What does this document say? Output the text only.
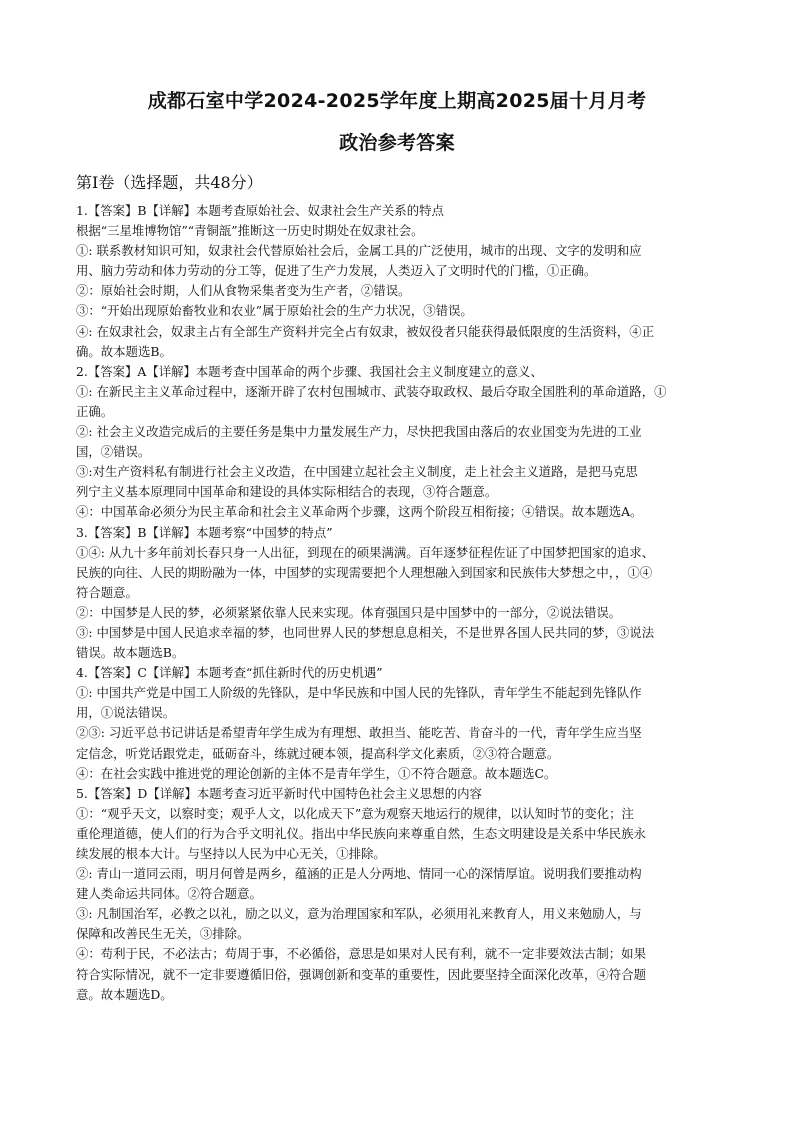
成都石室中学2024-2025学年度上期高2025届十月月考
政治参考答案
第Ⅰ卷（选择题，共48分）
1.【答案】B【详解】本题考查原始社会、奴隶社会生产关系的特点
根据“三星堆博物馆”“青铜瓿”推断这一历史时期处在奴隶社会。
①: 联系教材知识可知，奴隶社会代替原始社会后，金属工具的广泛使用，城市的出现、文字的发明和应
用、脑力劳动和体力劳动的分工等，促进了生产力发展，人类迈入了文明时代的门槛，①正确。
②：原始社会时期，人们从食物采集者变为生产者，②错误。
③：“开始出现原始畜牧业和农业”属于原始社会的生产力状况，③错误。
④: 在奴隶社会，奴隶主占有全部生产资料并完全占有奴隶，被奴役者只能获得最低限度的生活资料，④正
确。故本题选B。
2.【答案】A【详解】本题考查中国革命的两个步骤、我国社会主义制度建立的意义、
①: 在新民主主义革命过程中，逐渐开辟了农村包围城市、武装夺取政权、最后夺取全国胜利的革命道路，①
正确。
②: 社会主义改造完成后的主要任务是集中力量发展生产力，尽快把我国由落后的农业国变为先进的工业
国，②错误。
③:对生产资料私有制进行社会主义改造，在中国建立起社会主义制度，走上社会主义道路，是把马克思
列宁主义基本原理同中国革命和建设的具体实际相结合的表现，③符合题意。
④：中国革命必须分为民主革命和社会主义革命两个步骤，这两个阶段互相衔接；④错误。故本题选A。
3.【答案】B【详解】本题考察“中国梦的特点”
①④: 从九十多年前刘长春只身一人出征，到现在的硕果满满。百年逐梦征程佐证了中国梦把国家的追求、
民族的向往、人民的期盼融为一体，中国梦的实现需要把个人理想融入到国家和民族伟大梦想之中，，①④
符合题意。
②：中国梦是人民的梦，必须紧紧依靠人民来实现。体育强国只是中国梦中的一部分，②说法错误。
③: 中国梦是中国人民追求幸福的梦，也同世界人民的梦想息息相关，不是世界各国人民共同的梦，③说法
错误。故本题选B。
4.【答案】C【详解】本题考查“抓住新时代的历史机遇”
①: 中国共产党是中国工人阶级的先锋队，是中华民族和中国人民的先锋队，青年学生不能起到先锋队作
用，①说法错误。
②③: 习近平总书记讲话是希望青年学生成为有理想、敢担当、能吃苦、肯奋斗的一代，青年学生应当坚
定信念，听党话跟党走，砥砺奋斗，练就过硬本领，提高科学文化素质，②③符合题意。
④：在社会实践中推进党的理论创新的主体不是青年学生，①不符合题意。故本题选C。
5.【答案】D【详解】本题考查习近平新时代中国特色社会主义思想的内容
①：“观乎天文，以察时变；观乎人文，以化成天下”意为观察天地运行的规律，以认知时节的变化；注
重伦理道德，使人们的行为合乎文明礼仪。指出中华民族向来尊重自然，生态文明建设是关系中华民族永
续发展的根本大计。与坚持以人民为中心无关，①排除。
②: 青山一道同云雨，明月何曾是两乡，蕴涵的正是人分两地、情同一心的深情厚谊。说明我们要推动构
建人类命运共同体。②符合题意。
③: 凡制国治军，必教之以礼，励之以义，意为治理国家和军队，必须用礼来教育人，用义来勉励人，与
保障和改善民生无关，③排除。
④：苟利于民，不必法古；苟周于事，不必循俗，意思是如果对人民有利，就不一定非要效法古制；如果
符合实际情况，就不一定非要遵循旧俗，强调创新和变革的重要性，因此要坚持全面深化改革，④符合题
意。故本题选D。
